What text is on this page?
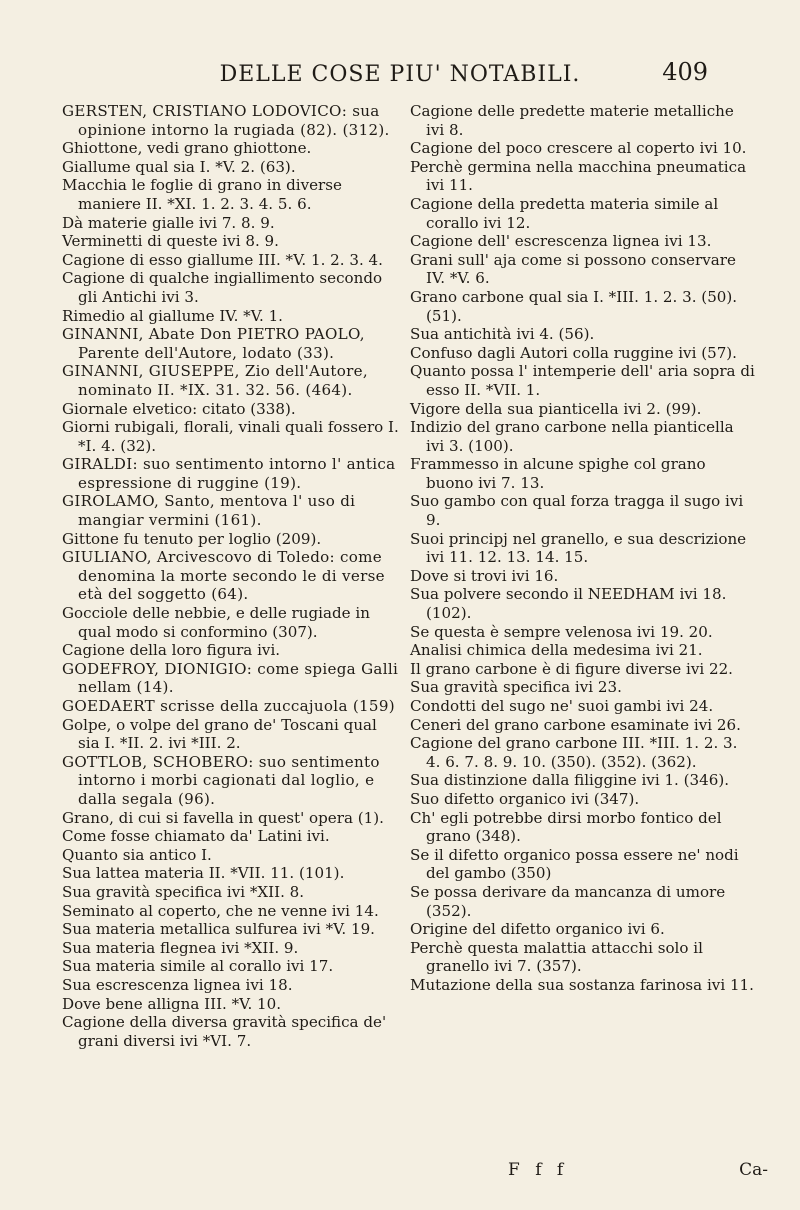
DELLE COSE PIU' NOTABILI.	409

GERSTEN, CRISTIANO LODOVICO: sua opinione intorno la rugiada (82). (312).

Ghiottone, vedi grano ghiottone.

Giallume qual sia I. *V. 2. (63).

Macchia le foglie di grano in diverse maniere II. *XI. 1. 2. 3. 4. 5. 6.

Dà materie gialle ivi 7. 8. 9.

Verminetti di queste ivi 8. 9.

Cagione di esso giallume III. *V. 1. 2. 3. 4.

Cagione di qualche ingiallimento secondo gli Antichi ivi 3.

Rimedio al giallume IV. *V. 1.

GINANNI, Abate Don PIETRO PAOLO, Parente dell'Autore, lodato (33).

GINANNI, GIUSEPPE, Zio dell'Autore, nominato II. *IX. 31. 32. 56. (464).

Giornale elvetico: citato (338).

Giorni rubigali, florali, vinali quali fossero I. *I. 4. (32).

GIRALDI: suo sentimento intorno l' antica espressione di ruggine (19).

GIROLAMO, Santo, mentova l' uso di mangiar vermini (161).

Gittone fu tenuto per loglio (209).

GIULIANO, Arcivescovo di Toledo: come denomina la morte secondo le di verse età del soggetto (64).

Gocciole delle nebbie, e delle rugiade in qual modo si conformino (307).

Cagione della loro figura ivi.

GODEFROY, DIONIGIO: come spiega Galli nellam (14).

GOEDAERT scrisse della zuccajuola (159)

Golpe, o volpe del grano de' Toscani qual sia I. *II. 2. ivi *III. 2.

GOTTLOB, SCHOBERO: suo sentimento intorno i morbi cagionati dal loglio, e dalla segala (96).

Grano, di cui si favella in quest' opera (1).

Come fosse chiamato da' Latini ivi.

Quanto sia antico I.

Sua lattea materia II. *VII. 11. (101).

Sua gravità specifica ivi *XII. 8.

Seminato al coperto, che ne venne ivi 14.

Sua materia metallica sulfurea ivi *V. 19.

Sua materia flegnea ivi *XII. 9.

Sua materia simile al corallo ivi 17.

Sua escrescenza lignea ivi 18.

Dove bene alligna III. *V. 10.

Cagione della diversa gravità specifica de' grani diversi ivi *VI. 7.

Cagione delle predette materie metalliche ivi 8.

Cagione del poco crescere al coperto ivi 10.

Perchè germina nella macchina pneumatica ivi 11.

Cagione della predetta materia simile al corallo ivi 12.

Cagione dell' escrescenza lignea ivi 13.

Grani sull' aja come si possono conservare IV. *V. 6.

Grano carbone qual sia I. *III. 1. 2. 3. (50). (51).

Sua antichità ivi 4. (56).

Confuso dagli Autori colla ruggine ivi (57).

Quanto possa l' intemperie dell' aria sopra di esso II. *VII. 1.

Vigore della sua pianticella ivi 2. (99).

Indizio del grano carbone nella pianticella ivi 3. (100).

Frammesso in alcune spighe col grano buono ivi 7. 13.

Suo gambo con qual forza tragga il sugo ivi 9.

Suoi principj nel granello, e sua descrizione ivi 11. 12. 13. 14. 15.

Dove si trovi ivi 16.

Sua polvere secondo il NEEDHAM ivi 18. (102).

Se questa è sempre velenosa ivi 19. 20.

Analisi chimica della medesima ivi 21.

Il grano carbone è di figure diverse ivi 22.

Sua gravità specifica ivi 23.

Condotti del sugo ne' suoi gambi ivi 24.

Ceneri del grano carbone esaminate ivi 26.

Cagione del grano carbone III. *III. 1. 2. 3. 4. 6. 7. 8. 9. 10. (350). (352). (362).

Sua distinzione dalla filiggine ivi 1. (346).

Suo difetto organico ivi (347).

Ch' egli potrebbe dirsi morbo fontico del grano (348).

Se il difetto organico possa essere ne' nodi del gambo (350)

Se possa derivare da mancanza di umore (352).

Origine del difetto organico ivi 6.

Perchè questa malattia attacchi solo il granello ivi 7. (357).

Mutazione della sua sostanza farinosa ivi 11.

F f f	Ca-
